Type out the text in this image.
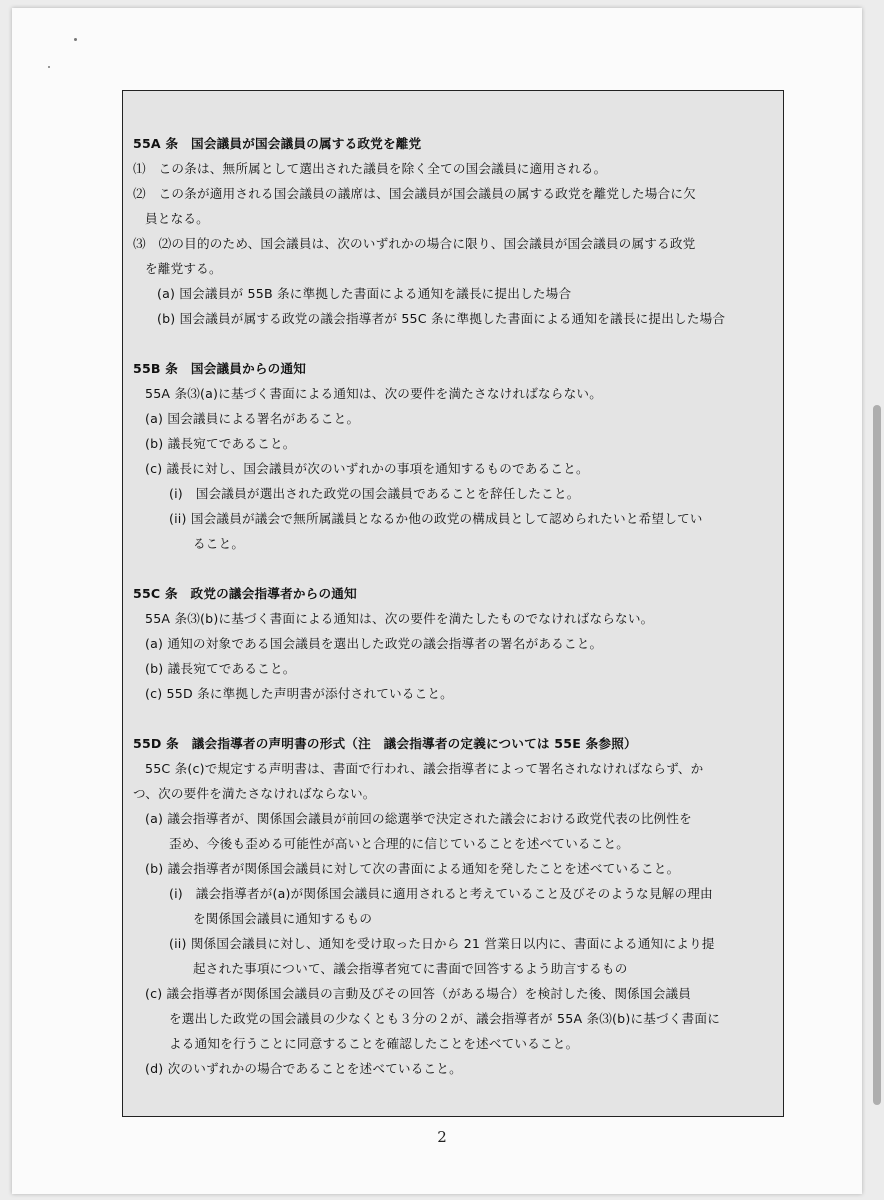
55A 条　国会議員が国会議員の属する政党を離党
⑴　この条は、無所属として選出された議員を除く全ての国会議員に適用される。
⑵　この条が適用される国会議員の議席は、国会議員が国会議員の属する政党を離党した場合に欠
員となる。
⑶　⑵の目的のため、国会議員は、次のいずれかの場合に限り、国会議員が国会議員の属する政党
を離党する。
(a) 国会議員が 55B 条に準拠した書面による通知を議長に提出した場合
(b) 国会議員が属する政党の議会指導者が 55C 条に準拠した書面による通知を議長に提出した場合
55B 条　国会議員からの通知
55A 条⑶(a)に基づく書面による通知は、次の要件を満たさなければならない。
(a) 国会議員による署名があること。
(b) 議長宛てであること。
(c) 議長に対し、国会議員が次のいずれかの事項を通知するものであること。
(i)　国会議員が選出された政党の国会議員であることを辞任したこと。
(ii) 国会議員が議会で無所属議員となるか他の政党の構成員として認められたいと希望してい
ること。
55C 条　政党の議会指導者からの通知
55A 条⑶(b)に基づく書面による通知は、次の要件を満たしたものでなければならない。
(a) 通知の対象である国会議員を選出した政党の議会指導者の署名があること。
(b) 議長宛てであること。
(c) 55D 条に準拠した声明書が添付されていること。
55D 条　議会指導者の声明書の形式（注　議会指導者の定義については 55E 条参照）
55C 条(c)で規定する声明書は、書面で行われ、議会指導者によって署名されなければならず、か
つ、次の要件を満たさなければならない。
(a) 議会指導者が、関係国会議員が前回の総選挙で決定された議会における政党代表の比例性を
歪め、今後も歪める可能性が高いと合理的に信じていることを述べていること。
(b) 議会指導者が関係国会議員に対して次の書面による通知を発したことを述べていること。
(i)　議会指導者が(a)が関係国会議員に適用されると考えていること及びそのような見解の理由
を関係国会議員に通知するもの
(ii) 関係国会議員に対し、通知を受け取った日から 21 営業日以内に、書面による通知により提
起された事項について、議会指導者宛てに書面で回答するよう助言するもの
(c) 議会指導者が関係国会議員の言動及びその回答（がある場合）を検討した後、関係国会議員
を選出した政党の国会議員の少なくとも３分の２が、議会指導者が 55A 条⑶(b)に基づく書面に
よる通知を行うことに同意することを確認したことを述べていること。
(d) 次のいずれかの場合であることを述べていること。
2
